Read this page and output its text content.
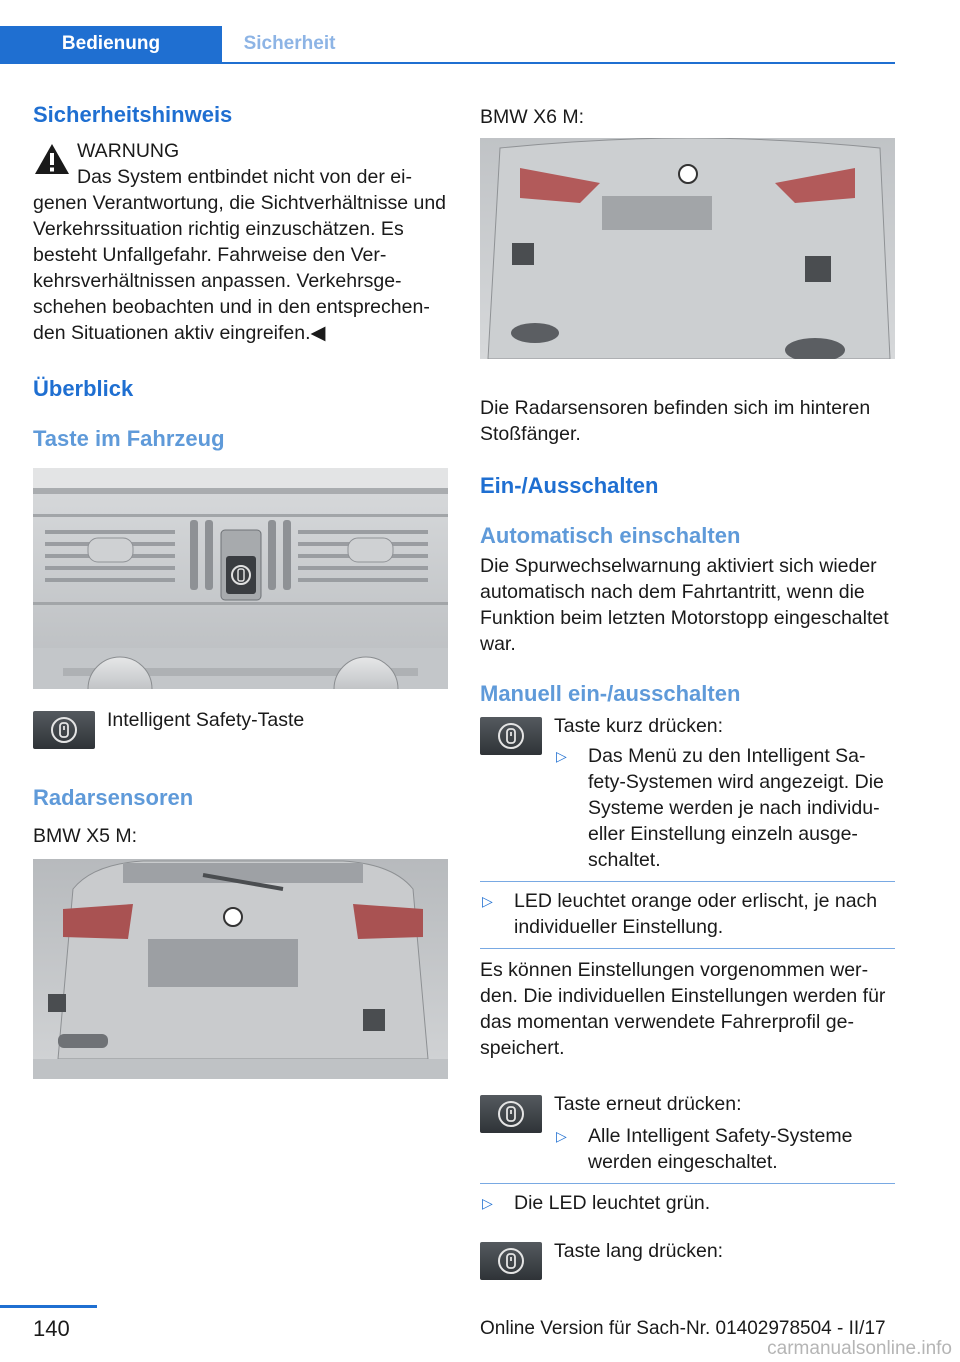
Bedienung	Sicherheit
Sicherheitshinweis
WARNUNG

Das System entbindet nicht von der eigenen Verantwortung, die Sichtverhältnisse und Verkehrssituation richtig einzuschätzen. Es besteht Unfallgefahr. Fahrweise den Verkehrsverhältnissen anpassen. Verkehrsgeschehen beobachten und in den entsprechenden Situationen aktiv eingreifen.◀

Überblick
Taste im Fahrzeug

Intelligent Safety-Taste

Radarsensoren

BMW X5 M:

BMW X6 M:

Die Radarsensoren befinden sich im hinteren Stoßfänger.

Ein-/Ausschalten
Automatisch einschalten

Die Spurwechselwarnung aktiviert sich wieder automatisch nach dem Fahrtantritt, wenn die Funktion beim letzten Motorstopp eingeschaltet war.

Manuell ein-/ausschalten

Taste kurz drücken:

▷ Das Menü zu den Intelligent Safety-Systemen wird angezeigt. Die Systeme werden je nach individueller Einstellung einzeln ausgeschaltet.
▷ LED leuchtet orange oder erlischt, je nach individueller Einstellung.

Es können Einstellungen vorgenommen werden. Die individuellen Einstellungen werden für das momentan verwendete Fahrerprofil gespeichert.

Taste erneut drücken:

▷ Alle Intelligent Safety-Systeme werden eingeschaltet.
▷ Die LED leuchtet grün.

Taste lang drücken:

140	Online Version für Sach-Nr. 01402978504 - II/17
carmanualsonline.info
